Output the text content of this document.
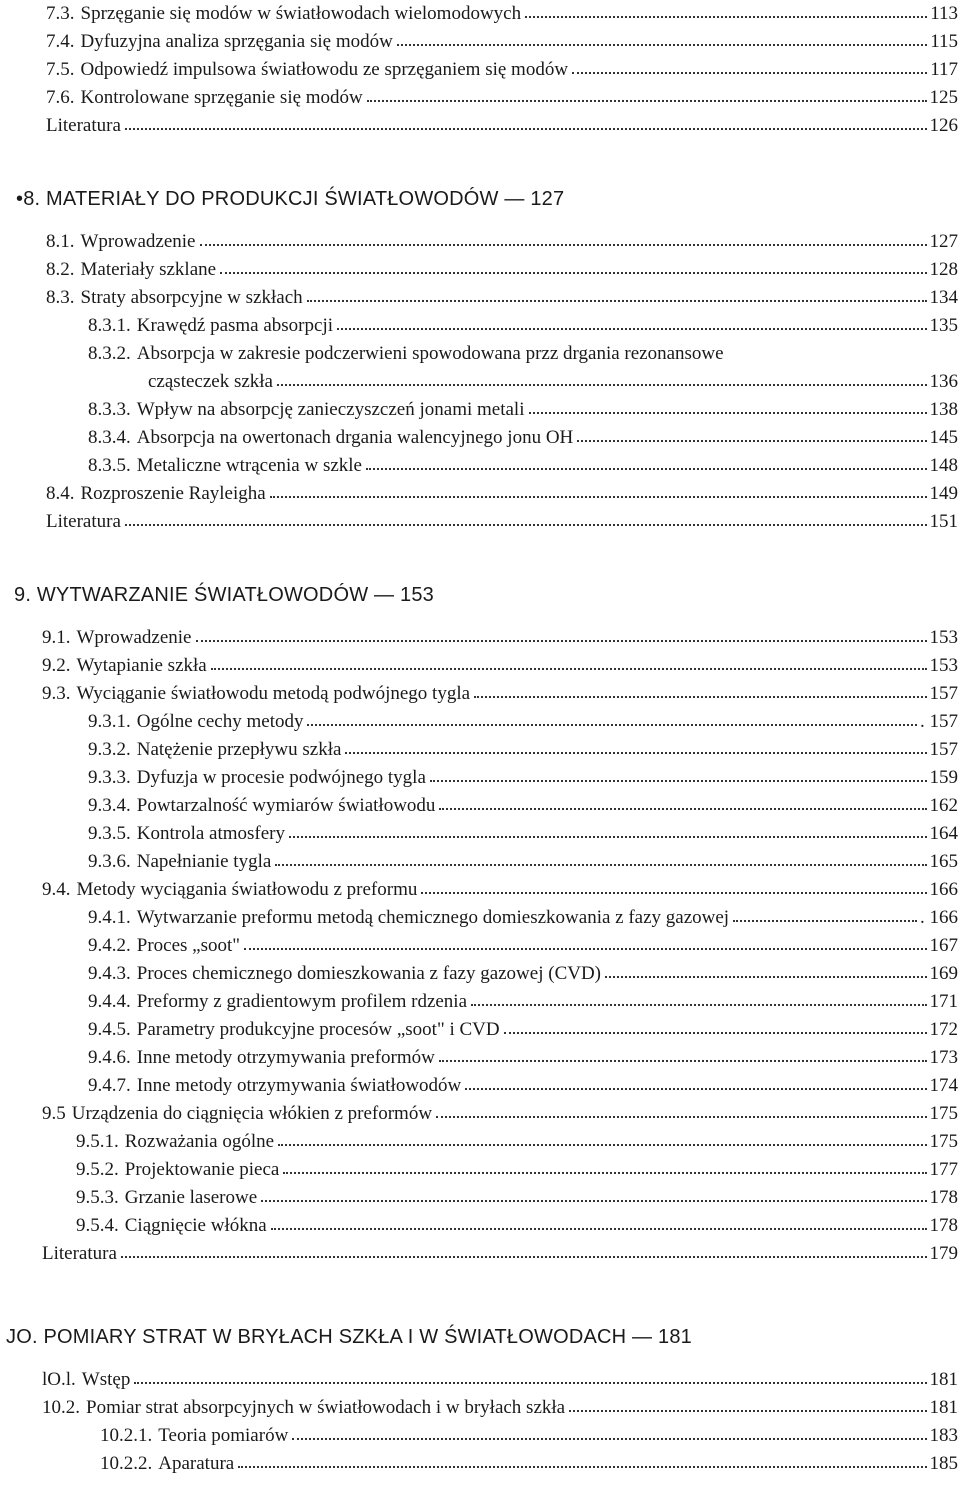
7.3. Sprzęganie się modów w światłowodach wielomodowych	113
7.4. Dyfuzyjna analiza sprzęgania się modów	115
7.5. Odpowiedź impulsowa światłowodu ze sprzęganiem się modów	117
7.6. Kontrolowane sprzęganie się modów	125
Literatura	126
•8. MATERIAŁY DO PRODUKCJI ŚWIATŁOWODÓW — 127
8.1. Wprowadzenie	127
8.2. Materiały szklane	128
8.3. Straty absorpcyjne w szkłach	134
8.3.1. Krawędź pasma absorpcji	135
8.3.2. Absorpcja w zakresie podczerwieni spowodowana przz drgania rezonansowe
cząsteczek szkła	136
8.3.3. Wpływ na absorpcję zanieczyszczeń jonami metali	138
8.3.4. Absorpcja na owertonach drgania walencyjnego jonu OH	145
8.3.5. Metaliczne wtrącenia w szkle	148
8.4. Rozproszenie Rayleigha	149
Literatura	151
9. WYTWARZANIE ŚWIATŁOWODÓW — 153
9.1. Wprowadzenie	153
9.2. Wytapianie szkła	153
9.3. Wyciąganie światłowodu metodą podwójnego tygla	157
9.3.1. Ogólne cechy metody	. 157
9.3.2. Natężenie przepływu szkła	157
9.3.3. Dyfuzja w procesie podwójnego tygla	159
9.3.4. Powtarzalność wymiarów światłowodu	162
9.3.5. Kontrola atmosfery	164
9.3.6. Napełnianie tygla	165
9.4. Metody wyciągania światłowodu z preformu	166
9.4.1. Wytwarzanie preformu metodą chemicznego domieszkowania z fazy gazowej	. 166
9.4.2. Proces „soot"	167
9.4.3. Proces chemicznego domieszkowania z fazy gazowej (CVD)	169
9.4.4. Preformy z gradientowym profilem rdzenia	171
9.4.5. Parametry produkcyjne procesów „soot" i CVD	172
9.4.6. Inne metody otrzymywania preformów	173
9.4.7. Inne metody otrzymywania światłowodów	174
9.5 Urządzenia do ciągnięcia włókien z preformów	175
9.5.1. Rozważania ogólne	175
9.5.2. Projektowanie pieca	177
9.5.3. Grzanie laserowe	178
9.5.4. Ciągnięcie włókna	178
Literatura	179
JO. POMIARY STRAT W BRYŁACH SZKŁA I W ŚWIATŁOWODACH — 181
lO.l. Wstęp	181
10.2. Pomiar strat absorpcyjnych w światłowodach i w bryłach szkła	181
10.2.1. Teoria pomiarów	183
10.2.2. Aparatura	185
